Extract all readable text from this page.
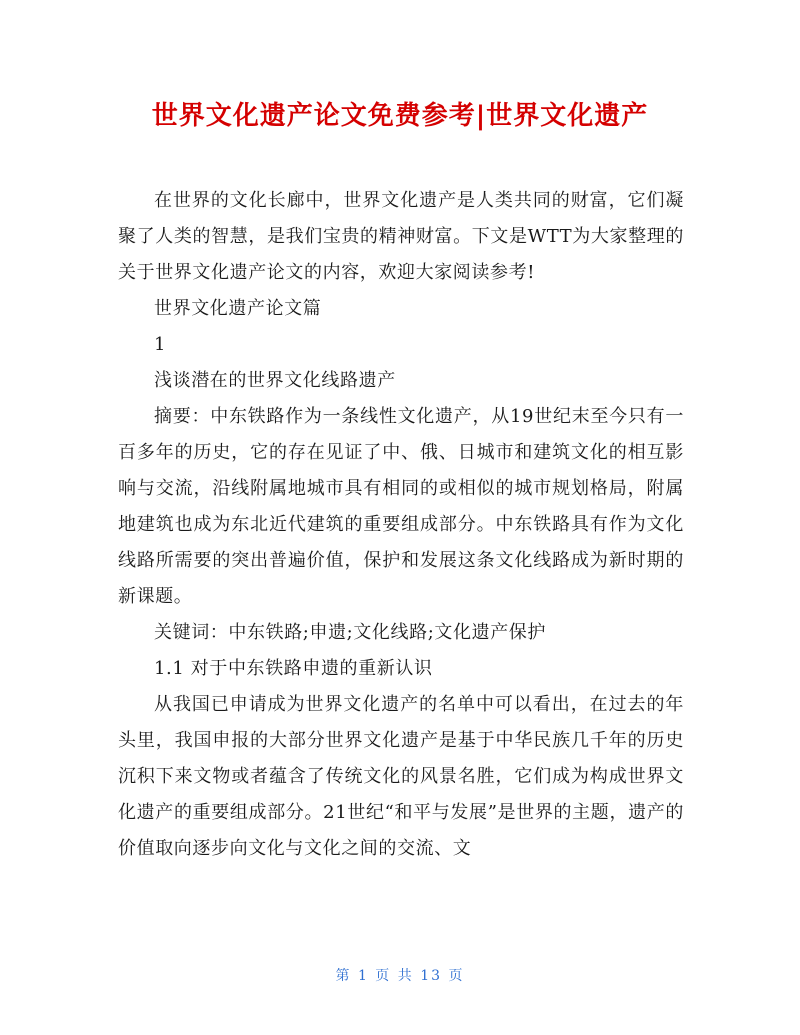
世界文化遗产论文免费参考|世界文化遗产

在世界的文化长廊中，世界文化遗产是人类共同的财富，它们凝聚了人类的智慧，是我们宝贵的精神财富。下文是WTT为大家整理的关于世界文化遗产论文的内容，欢迎大家阅读参考!

世界文化遗产论文篇

1

浅谈潜在的世界文化线路遗产

摘要：中东铁路作为一条线性文化遗产，从19世纪末至今只有一百多年的历史，它的存在见证了中、俄、日城市和建筑文化的相互影响与交流，沿线附属地城市具有相同的或相似的城市规划格局，附属地建筑也成为东北近代建筑的重要组成部分。中东铁路具有作为文化线路所需要的突出普遍价值，保护和发展这条文化线路成为新时期的新课题。

关键词：中东铁路;申遗;文化线路;文化遗产保护

1.1 对于中东铁路申遗的重新认识

从我国已申请成为世界文化遗产的名单中可以看出，在过去的年头里，我国申报的大部分世界文化遗产是基于中华民族几千年的历史沉积下来文物或者蕴含了传统文化的风景名胜，它们成为构成世界文化遗产的重要组成部分。21世纪“和平与发展”是世界的主题，遗产的价值取向逐步向文化与文化之间的交流、文

第 1 页 共 13 页
